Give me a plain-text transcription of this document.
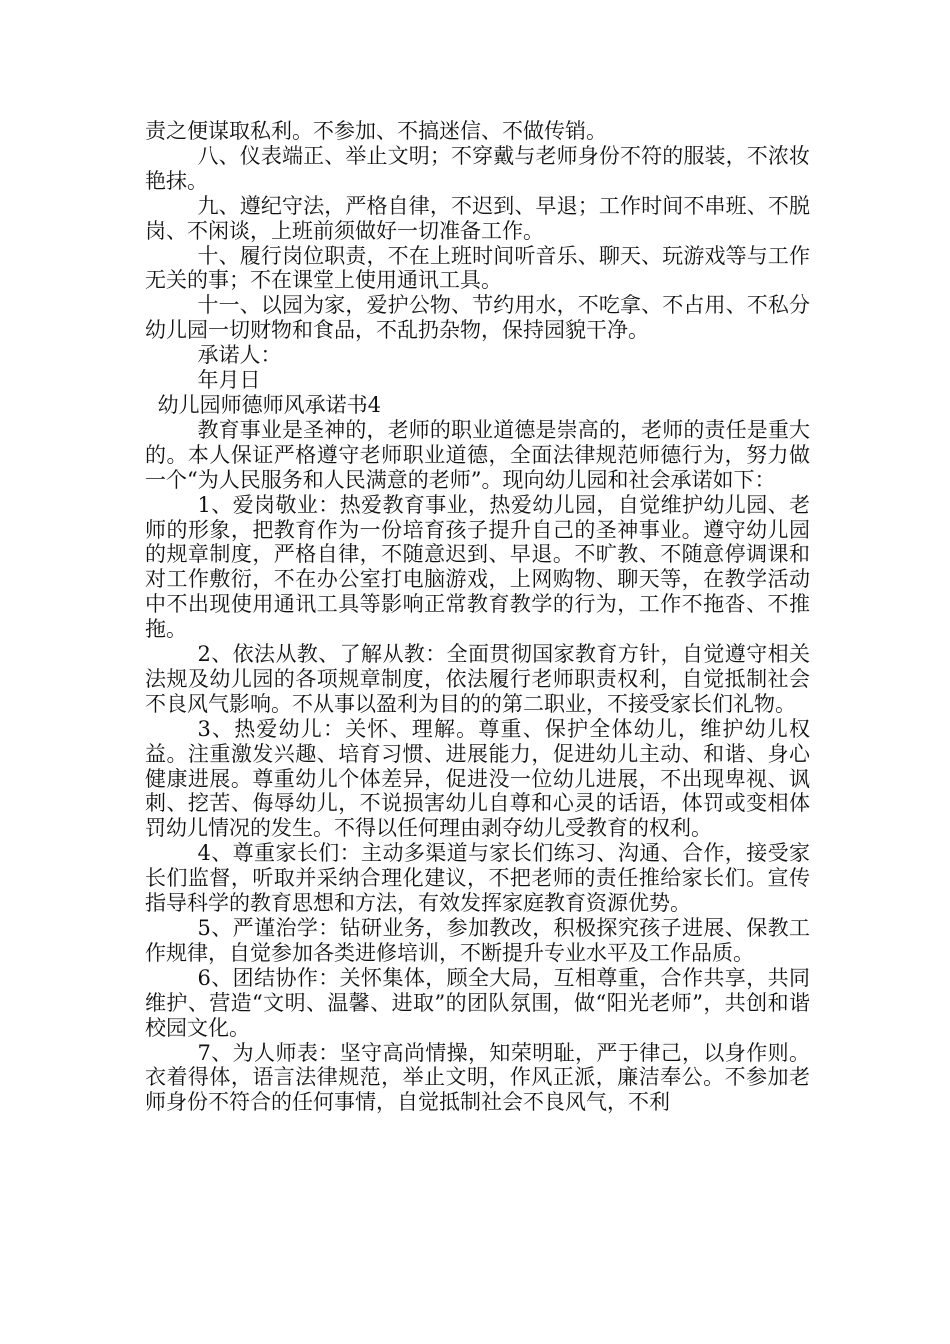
责之便谋取私利。不参加、不搞迷信、不做传销。

八、仪表端正、举止文明；不穿戴与老师身份不符的服装，不浓妆艳抹。

九、遵纪守法，严格自律，不迟到、早退；工作时间不串班、不脱岗、不闲谈，上班前须做好一切准备工作。

十、履行岗位职责，不在上班时间听音乐、聊天、玩游戏等与工作无关的事；不在课堂上使用通讯工具。

十一、以园为家，爱护公物、节约用水，不吃拿、不占用、不私分幼儿园一切财物和食品，不乱扔杂物，保持园貌干净。

承诺人：

年月日

幼儿园师德师风承诺书4

教育事业是圣神的，老师的职业道德是崇高的，老师的责任是重大的。本人保证严格遵守老师职业道德，全面法律规范师德行为，努力做一个“为人民服务和人民满意的老师”。现向幼儿园和社会承诺如下：

1、爱岗敬业：热爱教育事业，热爱幼儿园，自觉维护幼儿园、老师的形象，把教育作为一份培育孩子提升自己的圣神事业。遵守幼儿园的规章制度，严格自律，不随意迟到、早退。不旷教、不随意停调课和对工作敷衍，不在办公室打电脑游戏，上网购物、聊天等，在教学活动中不出现使用通讯工具等影响正常教育教学的行为，工作不拖沓、不推拖。

2、依法从教、了解从教：全面贯彻国家教育方针，自觉遵守相关法规及幼儿园的各项规章制度，依法履行老师职责权利，自觉抵制社会不良风气影响。不从事以盈利为目的的第二职业，不接受家长们礼物。

3、热爱幼儿：关怀、理解。尊重、保护全体幼儿，维护幼儿权益。注重激发兴趣、培育习惯、进展能力，促进幼儿主动、和谐、身心健康进展。尊重幼儿个体差异，促进没一位幼儿进展，不出现卑视、讽刺、挖苦、侮辱幼儿，不说损害幼儿自尊和心灵的话语，体罚或变相体罚幼儿情况的发生。不得以任何理由剥夺幼儿受教育的权利。

4、尊重家长们：主动多渠道与家长们练习、沟通、合作，接受家长们监督，听取并采纳合理化建议，不把老师的责任推给家长们。宣传指导科学的教育思想和方法，有效发挥家庭教育资源优势。

5、严谨治学：钻研业务，参加教改，积极探究孩子进展、保教工作规律，自觉参加各类进修培训，不断提升专业水平及工作品质。

6、团结协作：关怀集体，顾全大局，互相尊重，合作共享，共同维护、营造“文明、温馨、进取”的团队氛围，做“阳光老师”，共创和谐校园文化。

7、为人师表：坚守高尚情操，知荣明耻，严于律己，以身作则。衣着得体，语言法律规范，举止文明，作风正派，廉洁奉公。不参加老师身份不符合的任何事情，自觉抵制社会不良风气，不利
